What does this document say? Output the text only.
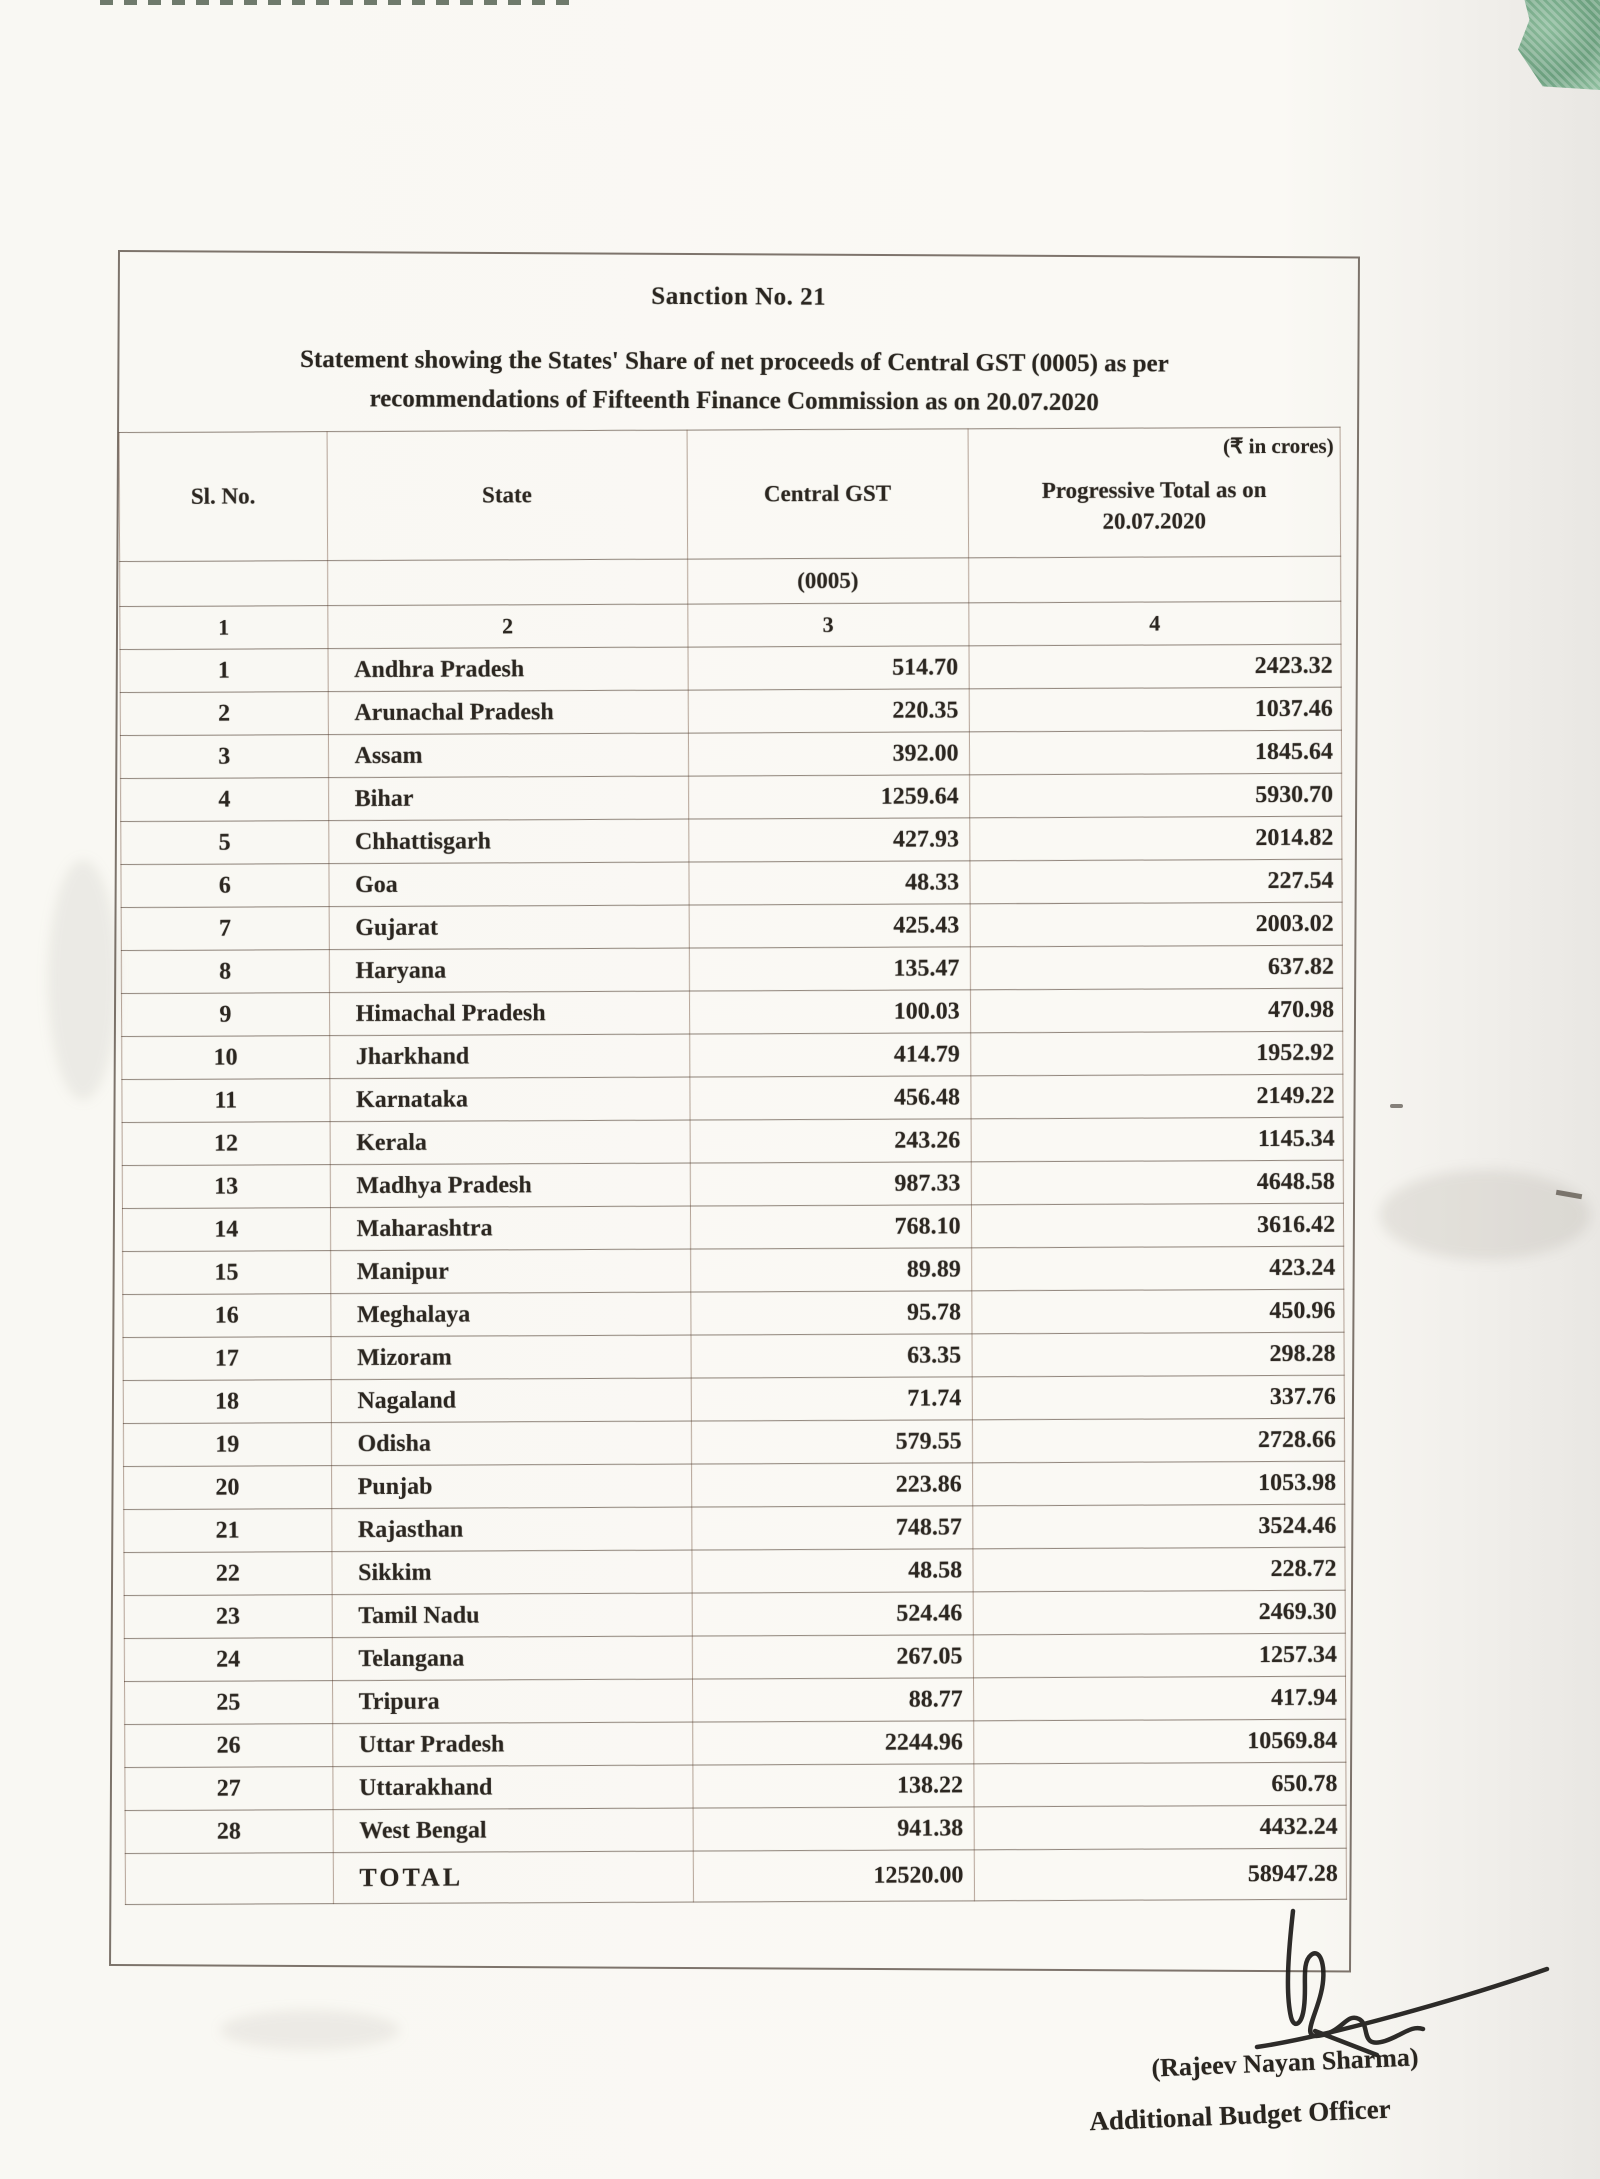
Sanction No. 21
Statement showing the States' Share of net proceeds of Central GST (0005) as per
recommendations of Fifteenth Finance Commission as on 20.07.2020
Sl. No.	State	Central GST	(₹ in crores)
Progressive Total as on
20.07.2020

		(0005)	
1	2	3	4
1	Andhra Pradesh	514.70	2423.32
2	Arunachal Pradesh	220.35	1037.46
3	Assam	392.00	1845.64
4	Bihar	1259.64	5930.70
5	Chhattisgarh	427.93	2014.82
6	Goa	48.33	227.54
7	Gujarat	425.43	2003.02
8	Haryana	135.47	637.82
9	Himachal Pradesh	100.03	470.98
10	Jharkhand	414.79	1952.92
11	Karnataka	456.48	2149.22
12	Kerala	243.26	1145.34
13	Madhya Pradesh	987.33	4648.58
14	Maharashtra	768.10	3616.42
15	Manipur	89.89	423.24
16	Meghalaya	95.78	450.96
17	Mizoram	63.35	298.28
18	Nagaland	71.74	337.76
19	Odisha	579.55	2728.66
20	Punjab	223.86	1053.98
21	Rajasthan	748.57	3524.46
22	Sikkim	48.58	228.72
23	Tamil Nadu	524.46	2469.30
24	Telangana	267.05	1257.34
25	Tripura	88.77	417.94
26	Uttar Pradesh	2244.96	10569.84
27	Uttarakhand	138.22	650.78
28	West Bengal	941.38	4432.24
	TOTAL	12520.00	58947.28
(Rajeev Nayan Sharma)
Additional Budget Officer
